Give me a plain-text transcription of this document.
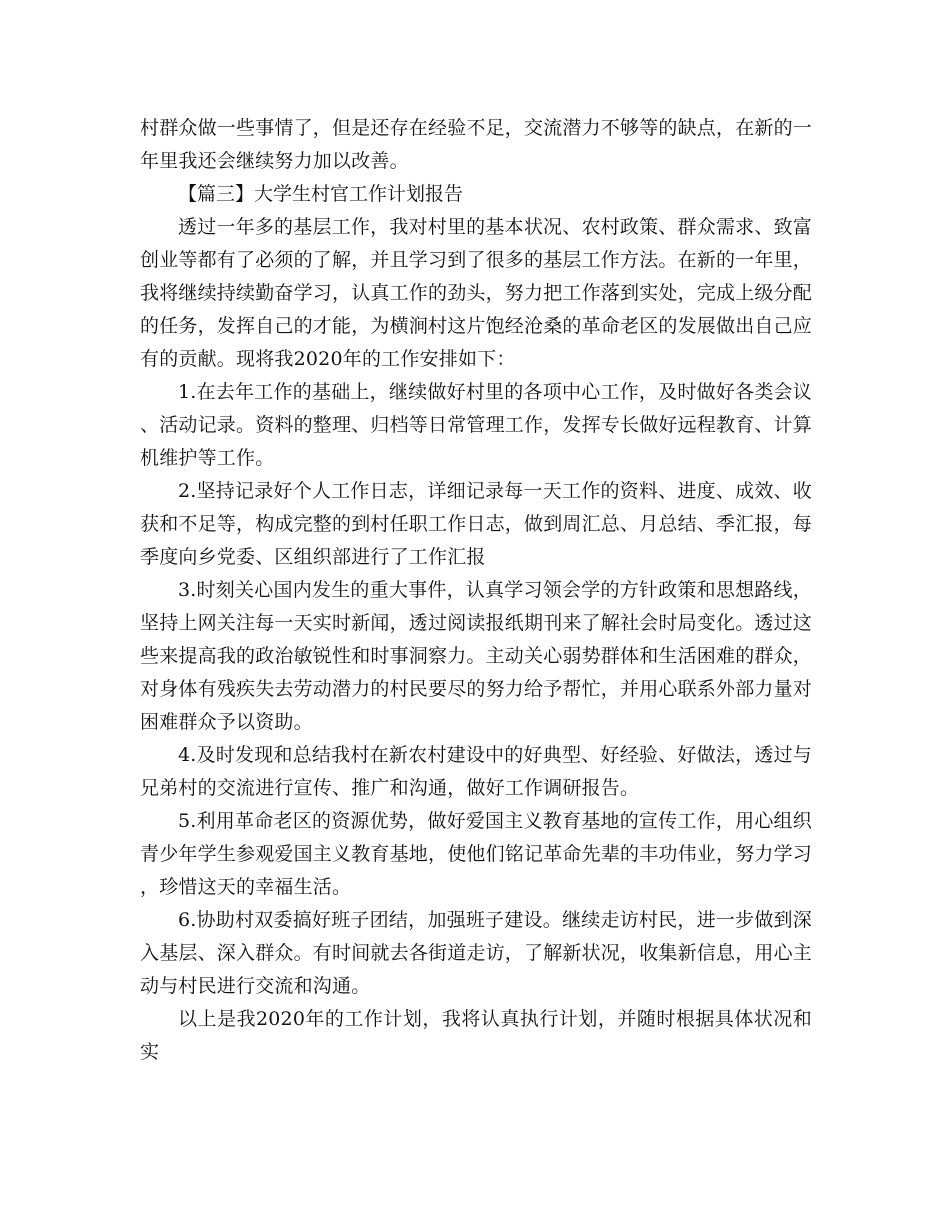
村群众做一些事情了，但是还存在经验不足，交流潜力不够等的缺点，在新的一年里我还会继续努力加以改善。

【篇三】大学生村官工作计划报告

透过一年多的基层工作，我对村里的基本状况、农村政策、群众需求、致富创业等都有了必须的了解，并且学习到了很多的基层工作方法。在新的一年里，我将继续持续勤奋学习，认真工作的劲头，努力把工作落到实处，完成上级分配的任务，发挥自己的才能，为横涧村这片饱经沧桑的革命老区的发展做出自己应有的贡献。现将我2020年的工作安排如下：

1.在去年工作的基础上，继续做好村里的各项中心工作，及时做好各类会议、活动记录。资料的整理、归档等日常管理工作，发挥专长做好远程教育、计算机维护等工作。

2.坚持记录好个人工作日志，详细记录每一天工作的资料、进度、成效、收获和不足等，构成完整的到村任职工作日志，做到周汇总、月总结、季汇报，每季度向乡党委、区组织部进行了工作汇报

3.时刻关心国内发生的重大事件，认真学习领会学的方针政策和思想路线，坚持上网关注每一天实时新闻，透过阅读报纸期刊来了解社会时局变化。透过这些来提高我的政治敏锐性和时事洞察力。主动关心弱势群体和生活困难的群众，对身体有残疾失去劳动潜力的村民要尽的努力给予帮忙，并用心联系外部力量对困难群众予以资助。

4.及时发现和总结我村在新农村建设中的好典型、好经验、好做法，透过与兄弟村的交流进行宣传、推广和沟通，做好工作调研报告。

5.利用革命老区的资源优势，做好爱国主义教育基地的宣传工作，用心组织青少年学生参观爱国主义教育基地，使他们铭记革命先辈的丰功伟业，努力学习，珍惜这天的幸福生活。

6.协助村双委搞好班子团结，加强班子建设。继续走访村民，进一步做到深入基层、深入群众。有时间就去各街道走访，了解新状况，收集新信息，用心主动与村民进行交流和沟通。

以上是我2020年的工作计划，我将认真执行计划，并随时根据具体状况和实
